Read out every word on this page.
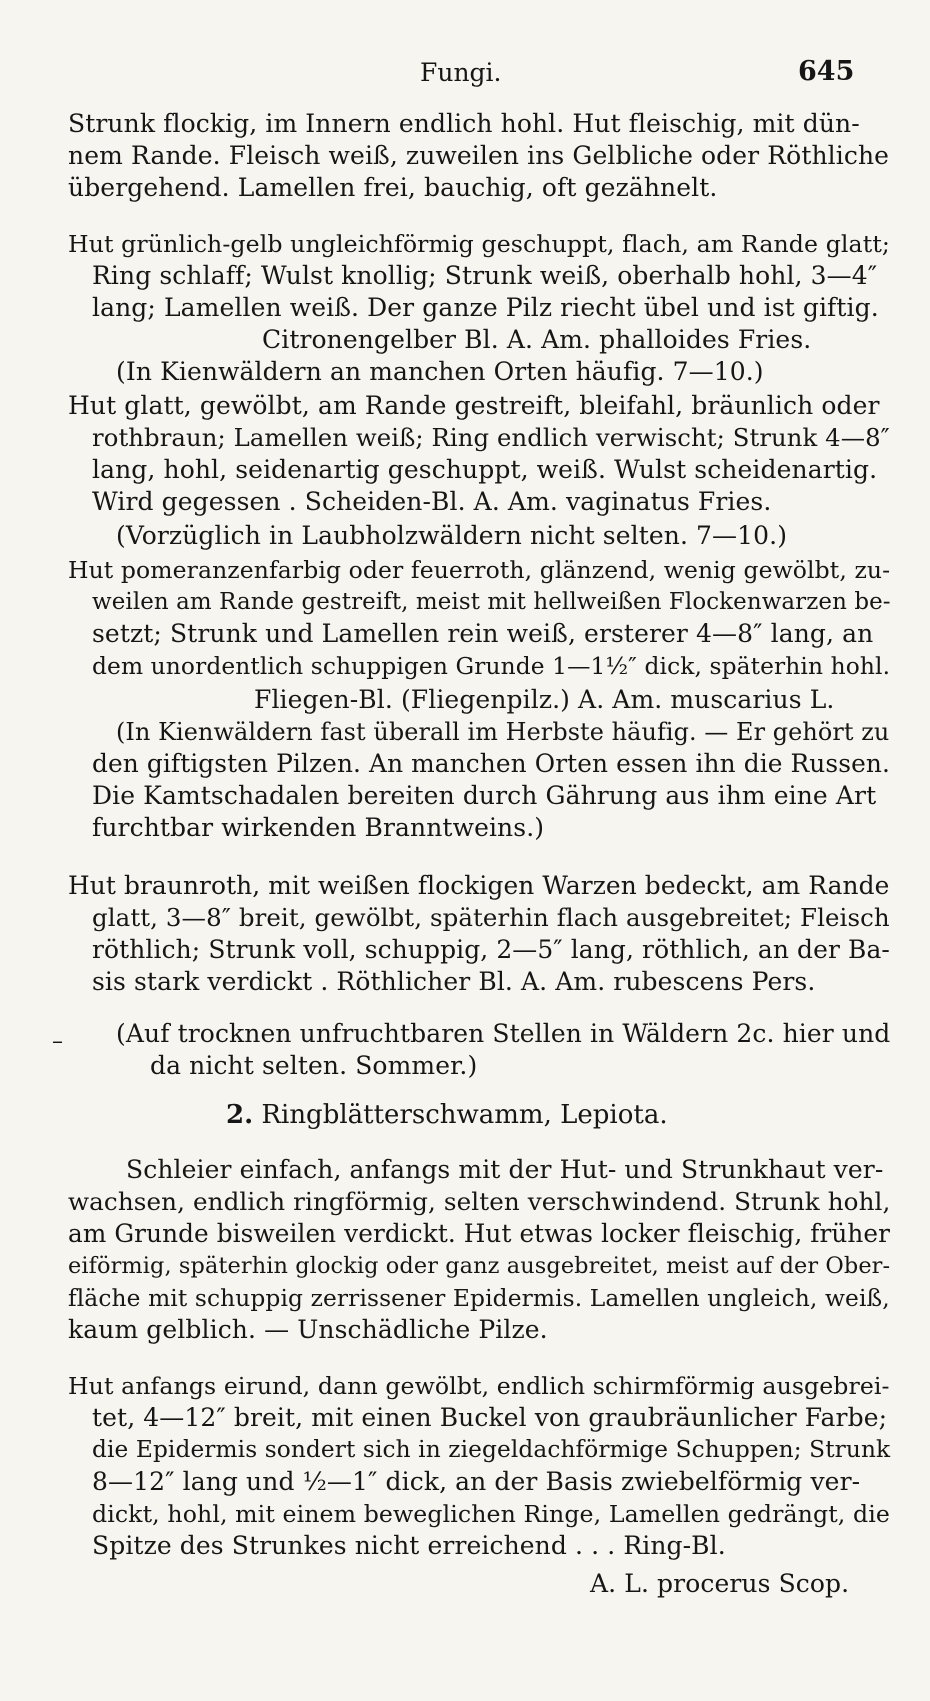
Fungi.	645
Strunk flockig, im Innern endlich hohl. Hut fleischig, mit dün-
nem Rande. Fleisch weiß, zuweilen ins Gelbliche oder Röthliche
übergehend. Lamellen frei, bauchig, oft gezähnelt.
Hut grünlich-gelb ungleichförmig geschuppt, flach, am Rande glatt;
Ring schlaff; Wulst knollig; Strunk weiß, oberhalb hohl, 3—4″
lang; Lamellen weiß. Der ganze Pilz riecht übel und ist giftig.
Citronengelber Bl. A. Am. phalloides Fries.
(In Kienwäldern an manchen Orten häufig. 7—10.)
Hut glatt, gewölbt, am Rande gestreift, bleifahl, bräunlich oder
rothbraun; Lamellen weiß; Ring endlich verwischt; Strunk 4—8″
lang, hohl, seidenartig geschuppt, weiß. Wulst scheidenartig.
Wird gegessen . Scheiden-Bl. A. Am. vaginatus Fries.
(Vorzüglich in Laubholzwäldern nicht selten. 7—10.)
Hut pomeranzenfarbig oder feuerroth, glänzend, wenig gewölbt, zu-
weilen am Rande gestreift, meist mit hellweißen Flockenwarzen be-
setzt; Strunk und Lamellen rein weiß, ersterer 4—8″ lang, an
dem unordentlich schuppigen Grunde 1—1½″ dick, späterhin hohl.
Fliegen-Bl. (Fliegenpilz.) A. Am. muscarius L.
(In Kienwäldern fast überall im Herbste häufig. — Er gehört zu
den giftigsten Pilzen. An manchen Orten essen ihn die Russen.
Die Kamtschadalen bereiten durch Gährung aus ihm eine Art
furchtbar wirkenden Branntweins.)
Hut braunroth, mit weißen flockigen Warzen bedeckt, am Rande
glatt, 3—8″ breit, gewölbt, späterhin flach ausgebreitet; Fleisch
röthlich; Strunk voll, schuppig, 2—5″ lang, röthlich, an der Ba-
sis stark verdickt . Röthlicher Bl. A. Am. rubescens Pers.
– (Auf trocknen unfruchtbaren Stellen in Wäldern 2c. hier und
da nicht selten. Sommer.)
2. Ringblätterschwamm, Lepiota.
Schleier einfach, anfangs mit der Hut- und Strunkhaut ver-
wachsen, endlich ringförmig, selten verschwindend. Strunk hohl,
am Grunde bisweilen verdickt. Hut etwas locker fleischig, früher
eiförmig, späterhin glockig oder ganz ausgebreitet, meist auf der Ober-
fläche mit schuppig zerrissener Epidermis. Lamellen ungleich, weiß,
kaum gelblich. — Unschädliche Pilze.
Hut anfangs eirund, dann gewölbt, endlich schirmförmig ausgebrei-
tet, 4—12″ breit, mit einen Buckel von graubräunlicher Farbe;
die Epidermis sondert sich in ziegeldachförmige Schuppen; Strunk
8—12″ lang und ½—1″ dick, an der Basis zwiebelförmig ver-
dickt, hohl, mit einem beweglichen Ringe, Lamellen gedrängt, die
Spitze des Strunkes nicht erreichend . . . Ring-Bl.
A. L. procerus Scop.
